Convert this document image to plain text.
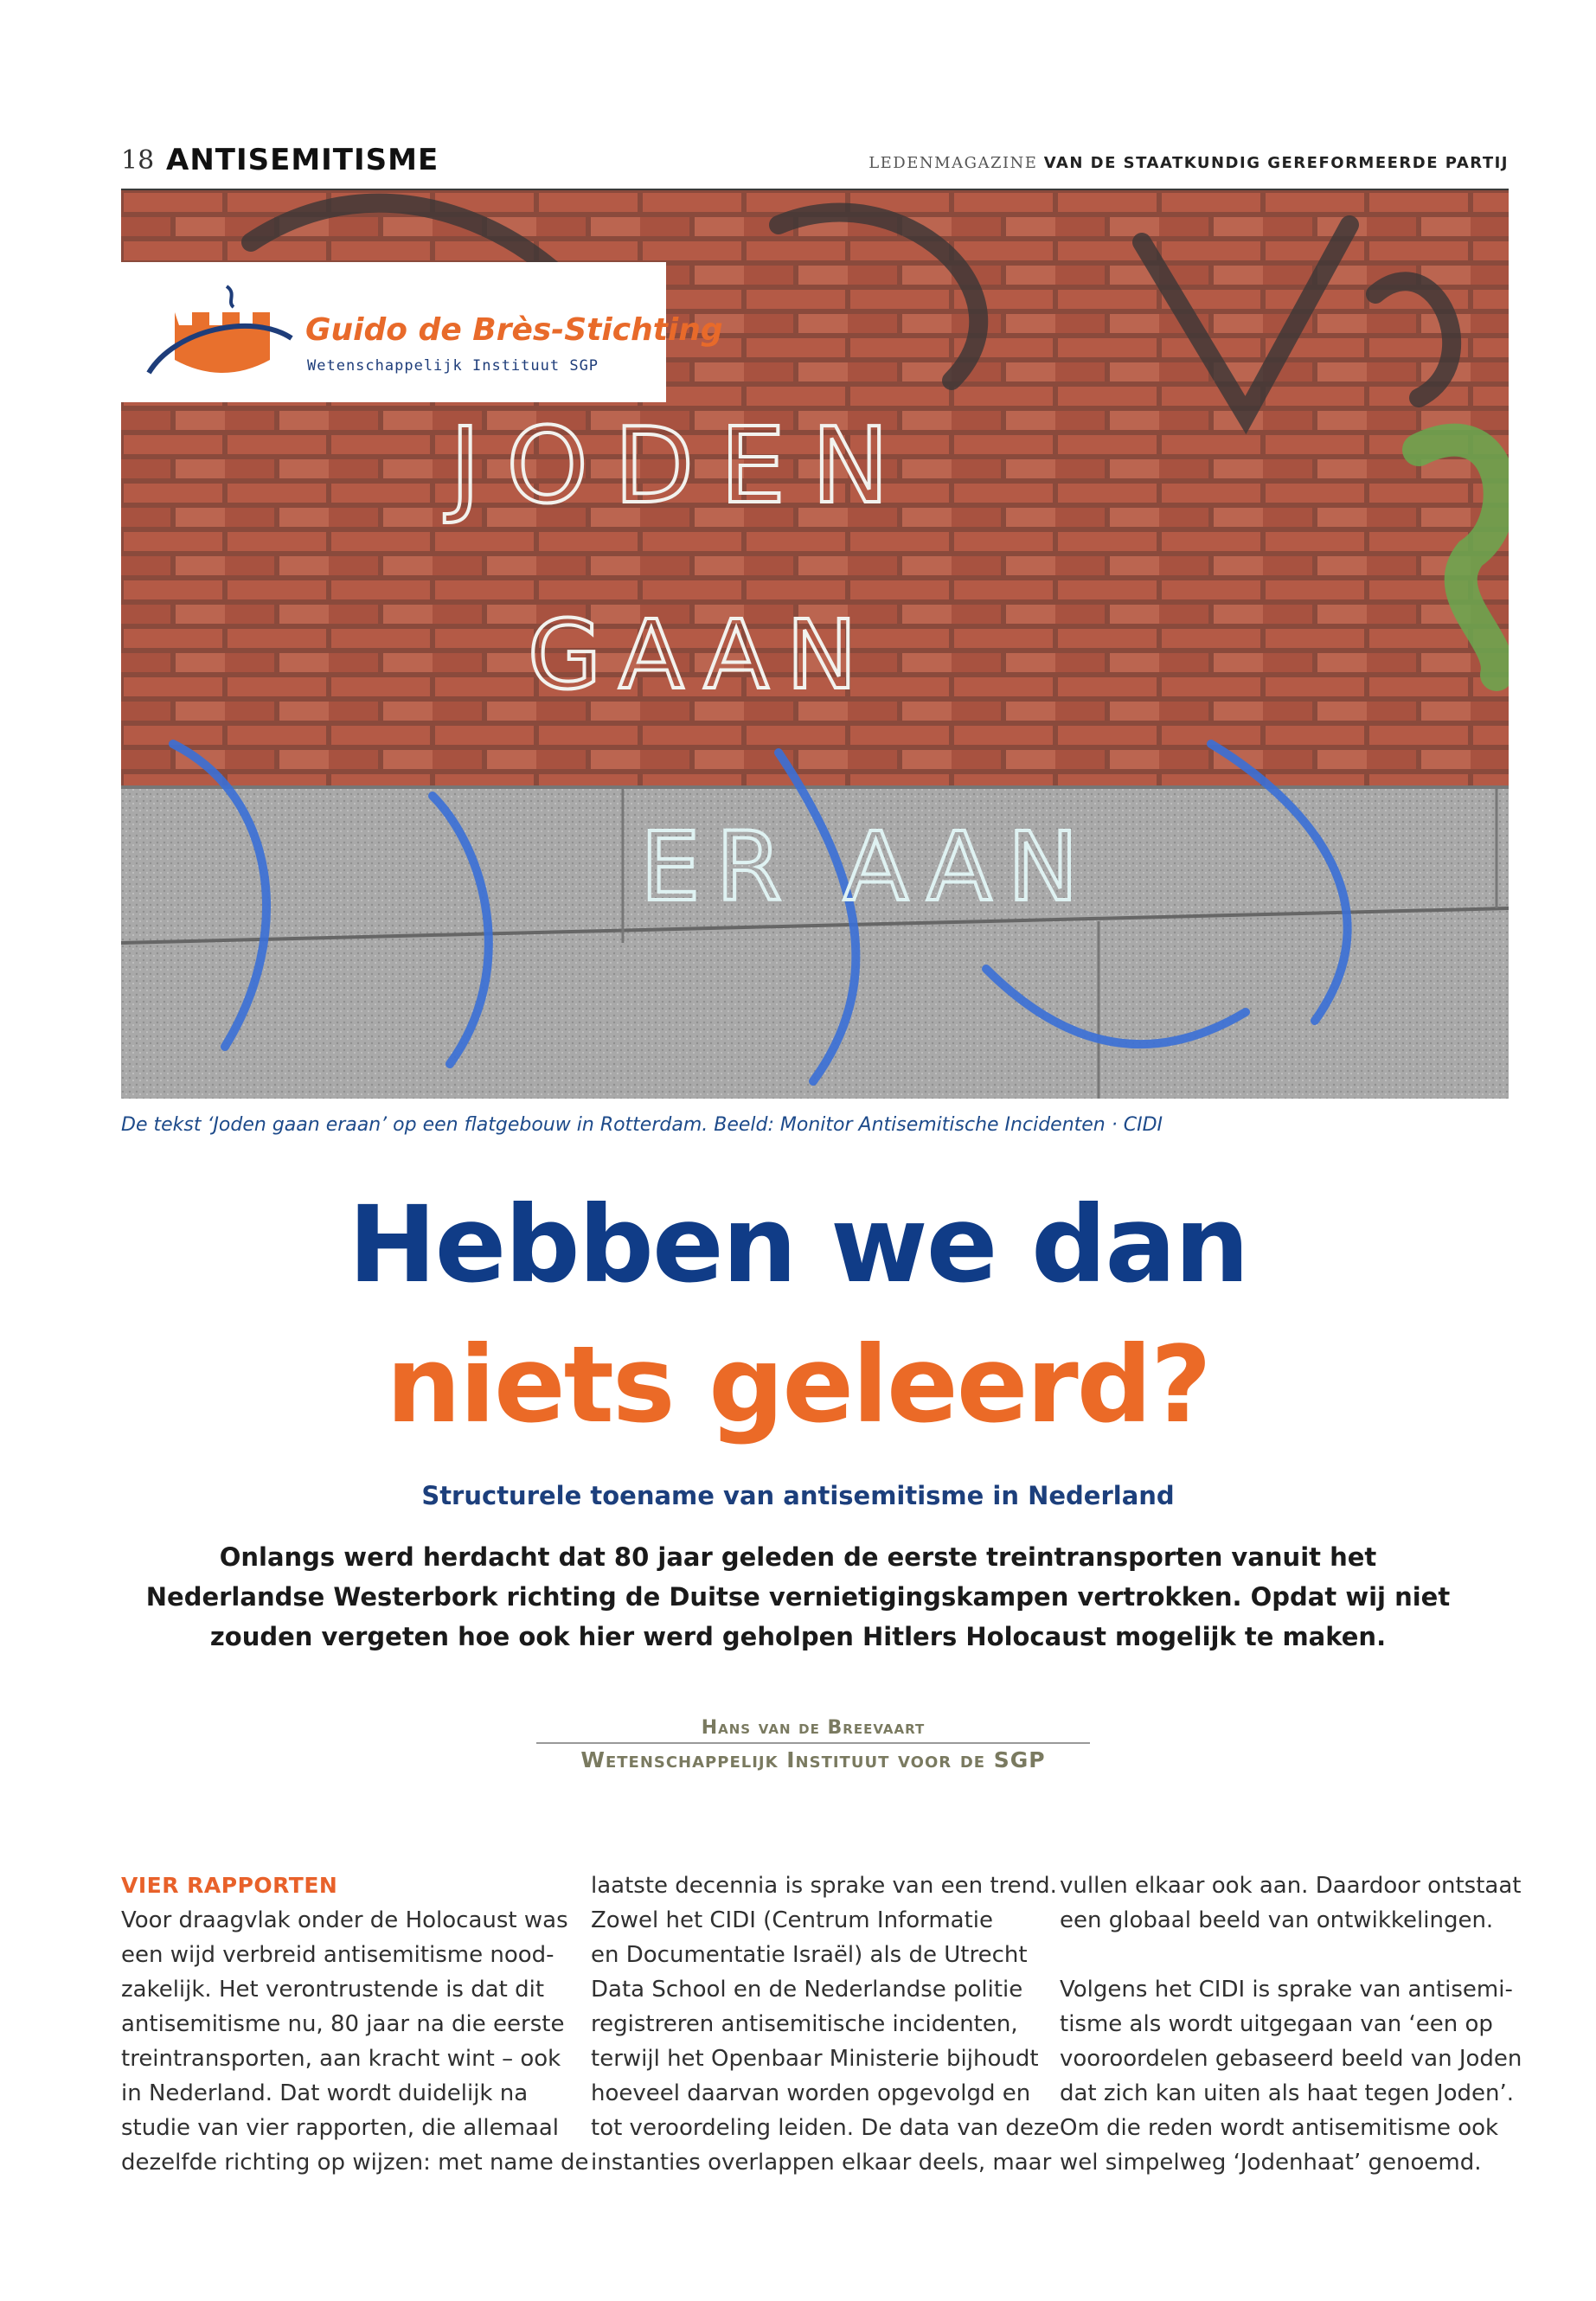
18 ANTISEMITISME	LEDENMAGAZINE VAN DE STAATKUNDIG GEREFORMEERDE PARTIJ
JODEN
GAAN
ER AAN
Guido de Brès-Stichting
Wetenschappelijk Instituut SGP
De tekst ‘Joden gaan eraan’ op een flatgebouw in Rotterdam. Beeld: Monitor Antisemitische Incidenten · CIDI
Hebben we dan
niets geleerd?
Structurele toename van antisemitisme in Nederland
Onlangs werd herdacht dat 80 jaar geleden de eerste treintransporten vanuit het Nederlandse Westerbork richting de Duitse vernietigingskampen vertrokken. Opdat wij niet zouden vergeten hoe ook hier werd geholpen Hitlers Holocaust mogelijk te maken.
Hans van de Breevaart
Wetenschappelijk Instituut voor de SGP
VIER RAPPORTEN
Voor draagvlak onder de Holocaust was
een wijd verbreid antisemitisme nood-
zakelijk. Het verontrustende is dat dit
antisemitisme nu, 80 jaar na die eerste
treintransporten, aan kracht wint – ook
in Nederland. Dat wordt duidelijk na
studie van vier rapporten, die allemaal
dezelfde richting op wijzen: met name de
laatste decennia is sprake van een trend.
Zowel het CIDI (Centrum Informatie
en Documentatie Israël) als de Utrecht
Data School en de Nederlandse politie
registreren antisemitische incidenten,
terwijl het Openbaar Ministerie bijhoudt
hoeveel daarvan worden opgevolgd en
tot veroordeling leiden. De data van deze
instanties overlappen elkaar deels, maar
vullen elkaar ook aan. Daardoor ontstaat
een globaal beeld van ontwikkelingen.
Volgens het CIDI is sprake van antisemi-
tisme als wordt uitgegaan van ‘een op
vooroordelen gebaseerd beeld van Joden
dat zich kan uiten als haat tegen Joden’.
Om die reden wordt antisemitisme ook
wel simpelweg ‘Jodenhaat’ genoemd.
